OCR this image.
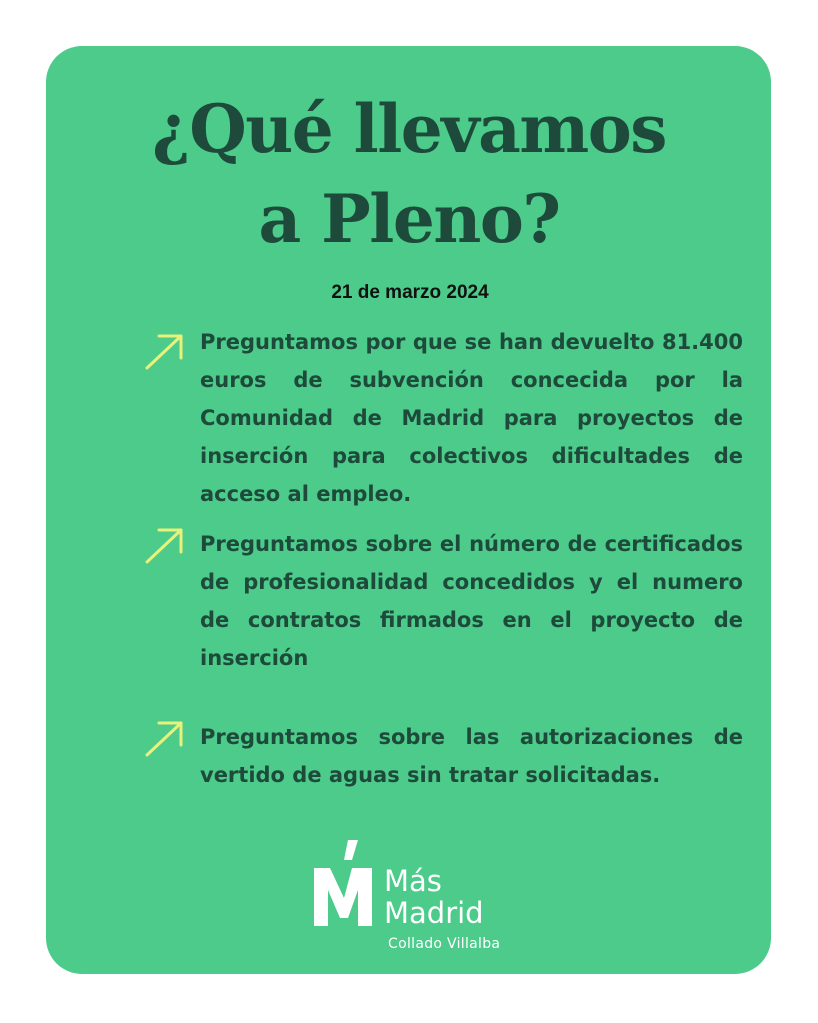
¿Qué llevamos
a Pleno?
21 de marzo 2024

Preguntamos por que se han devuelto 81.400 euros de subvención concecida por la Comunidad de Madrid para proyectos de inserción para colectivos dificultades de acceso al empleo.

Preguntamos sobre el número de certificados de profesionalidad concedidos y el numero de contratos firmados en el proyecto de inserción

Preguntamos sobre las autorizaciones de vertido de aguas sin tratar solicitadas.

Más
Madrid
Collado Villalba
